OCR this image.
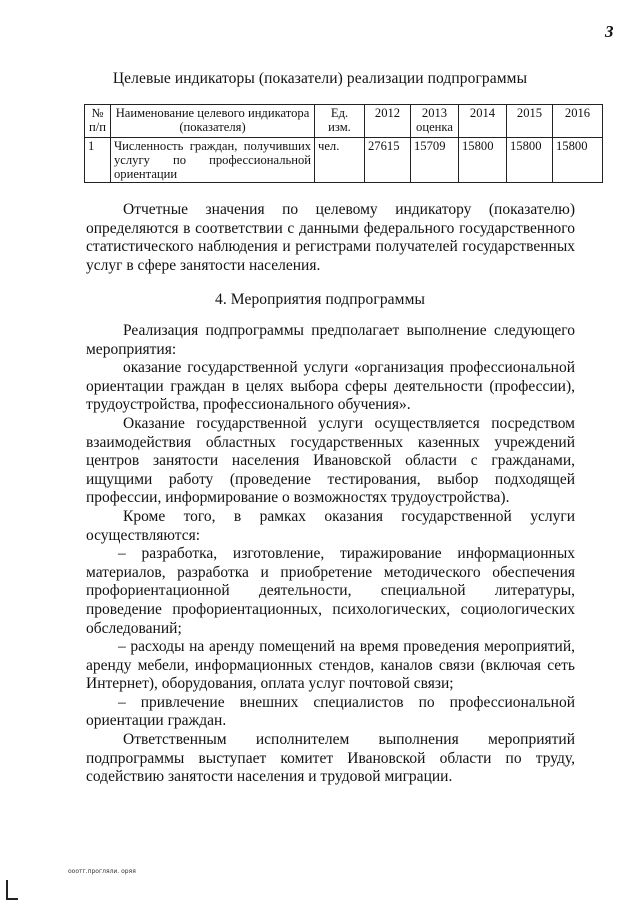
3
Целевые индикаторы (показатели) реализации подпрограммы
№ п/п	Наименование целевого индикатора (показателя)	Ед. изм.	2012	2013 оценка	2014	2015	2016
1	Численность граждан, получивших услугу по профессиональной ориентации	чел.	27615	15709	15800	15800	15800

Отчетные значения по целевому индикатору (показателю) определяются в соответствии с данными федерального государственного статистического наблюдения и регистрами получателей государственных услуг в сфере занятости населения.

4. Мероприятия подпрограммы

Реализация подпрограммы предполагает выполнение следующего мероприятия:

оказание государственной услуги «организация профессиональной ориентации граждан в целях выбора сферы деятельности (профессии), трудоустройства, профессионального обучения».

Оказание государственной услуги осуществляется посредством взаимодействия областных государственных казенных учреждений центров занятости населения Ивановской области с гражданами, ищущими работу (проведение тестирования, выбор подходящей профессии, информирование о возможностях трудоустройства).

Кроме того, в рамках оказания государственной услуги осуществляются:

– разработка, изготовление, тиражирование информационных материалов, разработка и приобретение методического обеспечения профориентационной деятельности, специальной литературы, проведение профориентационных, психологических, социологических обследований;

– расходы на аренду помещений на время проведения мероприятий, аренду мебели, информационных стендов, каналов связи (включая сеть Интернет), оборудования, оплата услуг почтовой связи;

– привлечение внешних специалистов по профессиональной ориентации граждан.

Ответственным исполнителем выполнения мероприятий подпрограммы выступает комитет Ивановской области по труду, содействию занятости населения и трудовой миграции.

ооотг.прогляли. оряя
